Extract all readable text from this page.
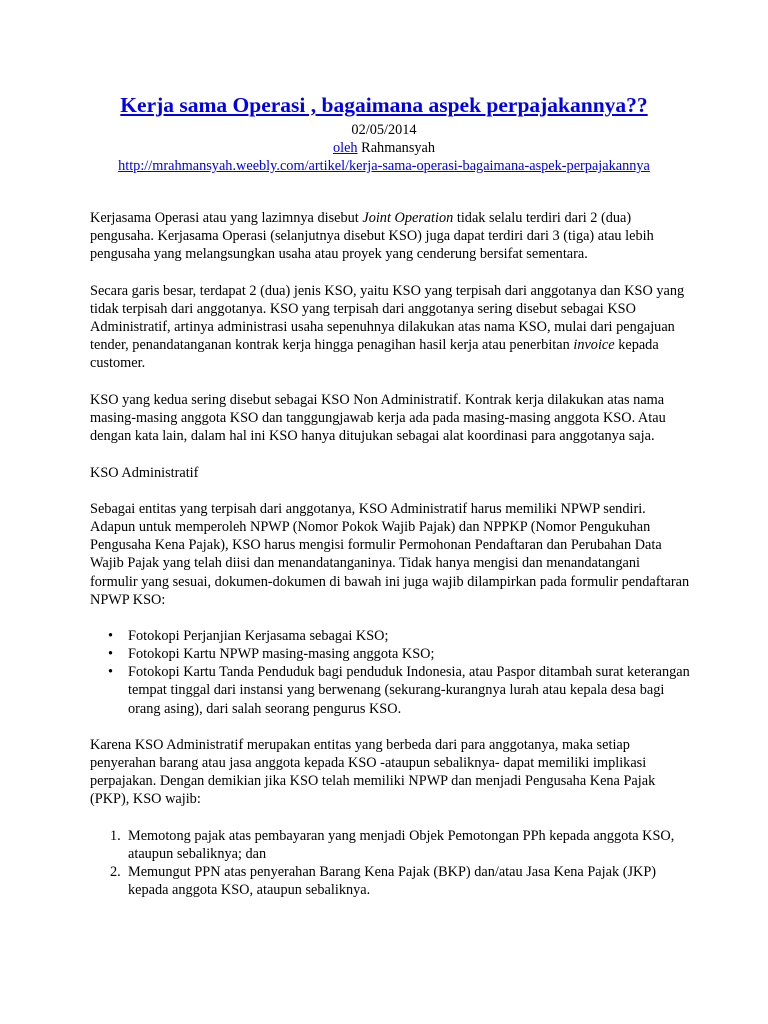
Kerja sama Operasi , bagaimana aspek perpajakannya??
02/05/2014
oleh Rahmansyah
http://mrahmansyah.weebly.com/artikel/kerja-sama-operasi-bagaimana-aspek-perpajakannya

Kerjasama Operasi atau yang lazimnya disebut Joint Operation tidak selalu terdiri dari 2 (dua) pengusaha. Kerjasama Operasi (selanjutnya disebut KSO) juga dapat terdiri dari 3 (tiga) atau lebih pengusaha yang melangsungkan usaha atau proyek yang cenderung bersifat sementara.

Secara garis besar, terdapat 2 (dua) jenis KSO, yaitu KSO yang terpisah dari anggotanya dan KSO yang tidak terpisah dari anggotanya. KSO yang terpisah dari anggotanya sering disebut sebagai KSO Administratif, artinya administrasi usaha sepenuhnya dilakukan atas nama KSO, mulai dari pengajuan tender, penandatanganan kontrak kerja hingga penagihan hasil kerja atau penerbitan invoice kepada customer.

KSO yang kedua sering disebut sebagai KSO Non Administratif. Kontrak kerja dilakukan atas nama masing-masing anggota KSO dan tanggungjawab kerja ada pada masing-masing anggota KSO. Atau dengan kata lain, dalam hal ini KSO hanya ditujukan sebagai alat koordinasi para anggotanya saja.

KSO Administratif

Sebagai entitas yang terpisah dari anggotanya, KSO Administratif harus memiliki NPWP sendiri. Adapun untuk memperoleh NPWP (Nomor Pokok Wajib Pajak) dan NPPKP (Nomor Pengukuhan Pengusaha Kena Pajak), KSO harus mengisi formulir Permohonan Pendaftaran dan Perubahan Data Wajib Pajak yang telah diisi dan menandatanganinya. Tidak hanya mengisi dan menandatangani formulir yang sesuai, dokumen-dokumen di bawah ini juga wajib dilampirkan pada formulir pendaftaran NPWP KSO:

• Fotokopi Perjanjian Kerjasama sebagai KSO;
• Fotokopi Kartu NPWP masing-masing anggota KSO;
• Fotokopi Kartu Tanda Penduduk bagi penduduk Indonesia, atau Paspor ditambah surat keterangan tempat tinggal dari instansi yang berwenang (sekurang-kurangnya lurah atau kepala desa bagi orang asing), dari salah seorang pengurus KSO.

Karena KSO Administratif merupakan entitas yang berbeda dari para anggotanya, maka setiap penyerahan barang atau jasa anggota kepada KSO -ataupun sebaliknya- dapat memiliki implikasi perpajakan. Dengan demikian jika KSO telah memiliki NPWP dan menjadi Pengusaha Kena Pajak (PKP), KSO wajib:

1. Memotong pajak atas pembayaran yang menjadi Objek Pemotongan PPh kepada anggota KSO, ataupun sebaliknya; dan
2. Memungut PPN atas penyerahan Barang Kena Pajak (BKP) dan/atau Jasa Kena Pajak (JKP) kepada anggota KSO, ataupun sebaliknya.
